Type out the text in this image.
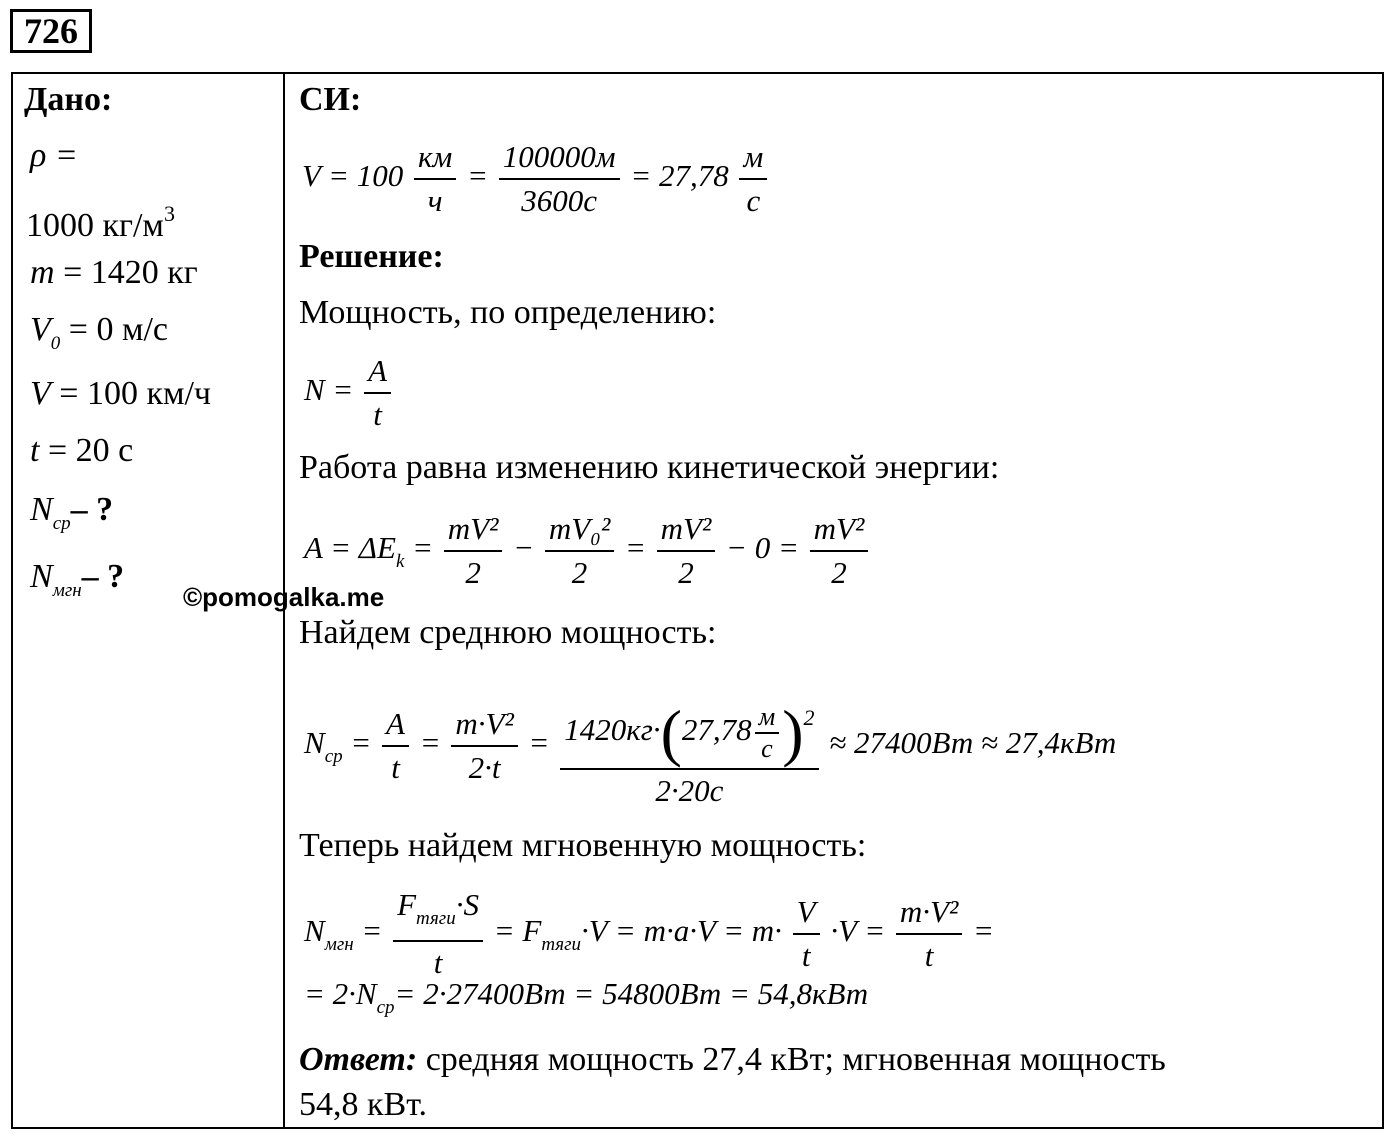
726
Дано:
ρ =
1000 $кг/м^3$
m = 1420 кг
$V_0 = 0$ м/с
V = 100 км/ч
t = 20 с
$N_{ср}-$ ?
$N_{мгн}-$ ?
©pomogalka.me
СИ:
$V = 100 \frac{км}{ч} = \frac{100000м}{3600с} = 27,78 \frac{м}{с}$
Решение:
Мощность, по определению:
$N = \frac{A}{t}$
Работа равна изменению кинетической энергии:
$A = \Delta E_k = \frac{\text{mV²}}{2} - \frac{\text{mV₀²}}{2} = \frac{\text{mV²}}{2} - 0 = \frac{\text{mV²}}{2}$
Найдем среднюю мощность:
$N_{ср} = \frac{A}{t} = \frac{\text{m·V²}}{2\cdot t} = \frac{1420кг\cdot(27,78 \frac{м}{с} )^2}{2\cdot 20с} \approx 27400Вт \approx 27,4кВт$
Теперь найдем мгновенную мощность:
$N_{мгн} = \frac{F_{тяги}\cdot S}{t} = F_{тяги}\cdot V = m\cdot a\cdot V = m\cdot \frac{V}{t} \cdot V = \frac{\text{m·V²}}{t}$ =
= $2\cdot N_{ср}= 2\cdot 27400Вт = 54800Вт = 54,8кВт$
Ответ: средняя мощность 27,4 кВт; мгновенная мощность
54,8 кВт.
